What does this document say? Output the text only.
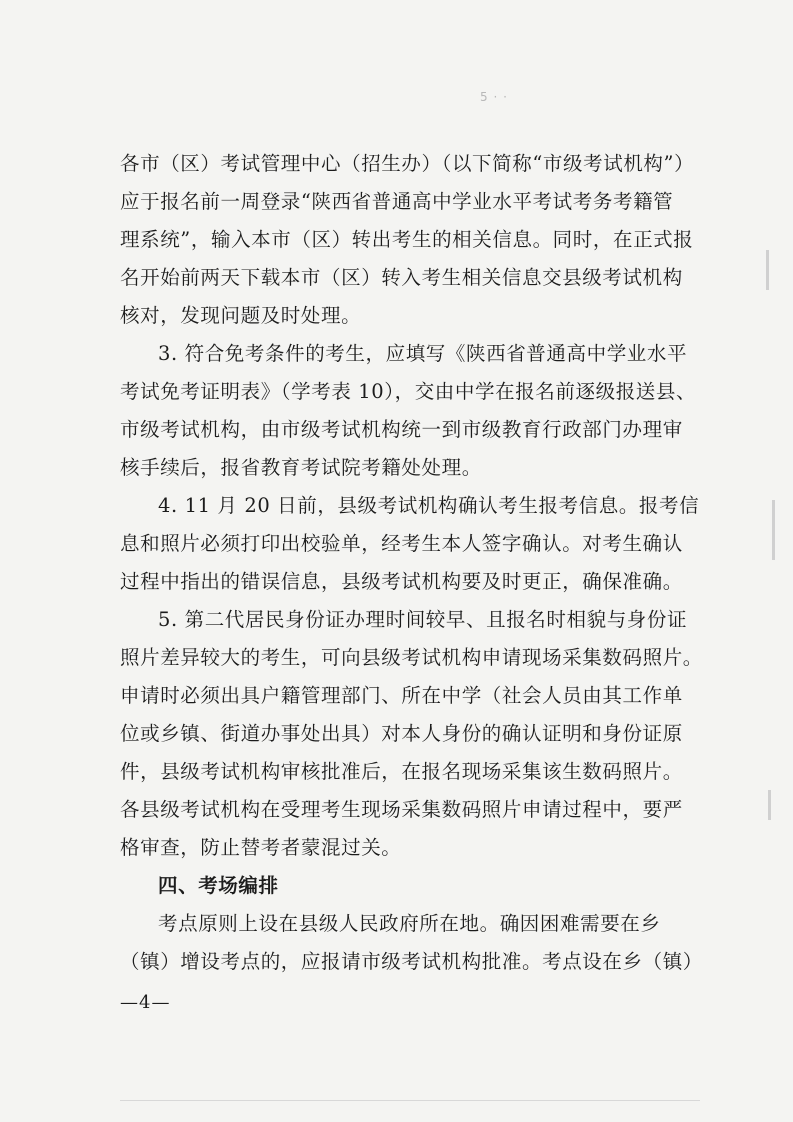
5 · ·
各市（区）考试管理中心（招生办）（以下简称“市级考试机构”）
应于报名前一周登录“陕西省普通高中学业水平考试考务考籍管
理系统”，输入本市（区）转出考生的相关信息。同时，在正式报
名开始前两天下载本市（区）转入考生相关信息交县级考试机构
核对，发现问题及时处理。
3. 符合免考条件的考生，应填写《陕西省普通高中学业水平
考试免考证明表》（学考表 10），交由中学在报名前逐级报送县、
市级考试机构，由市级考试机构统一到市级教育行政部门办理审
核手续后，报省教育考试院考籍处处理。
4. 11 月 20 日前，县级考试机构确认考生报考信息。报考信
息和照片必须打印出校验单，经考生本人签字确认。对考生确认
过程中指出的错误信息，县级考试机构要及时更正，确保准确。
5. 第二代居民身份证办理时间较早、且报名时相貌与身份证
照片差异较大的考生，可向县级考试机构申请现场采集数码照片。
申请时必须出具户籍管理部门、所在中学（社会人员由其工作单
位或乡镇、街道办事处出具）对本人身份的确认证明和身份证原
件，县级考试机构审核批准后，在报名现场采集该生数码照片。
各县级考试机构在受理考生现场采集数码照片申请过程中，要严
格审查，防止替考者蒙混过关。
四、考场编排
考点原则上设在县级人民政府所在地。确因困难需要在乡
（镇）增设考点的，应报请市级考试机构批准。考点设在乡（镇）
—4—
